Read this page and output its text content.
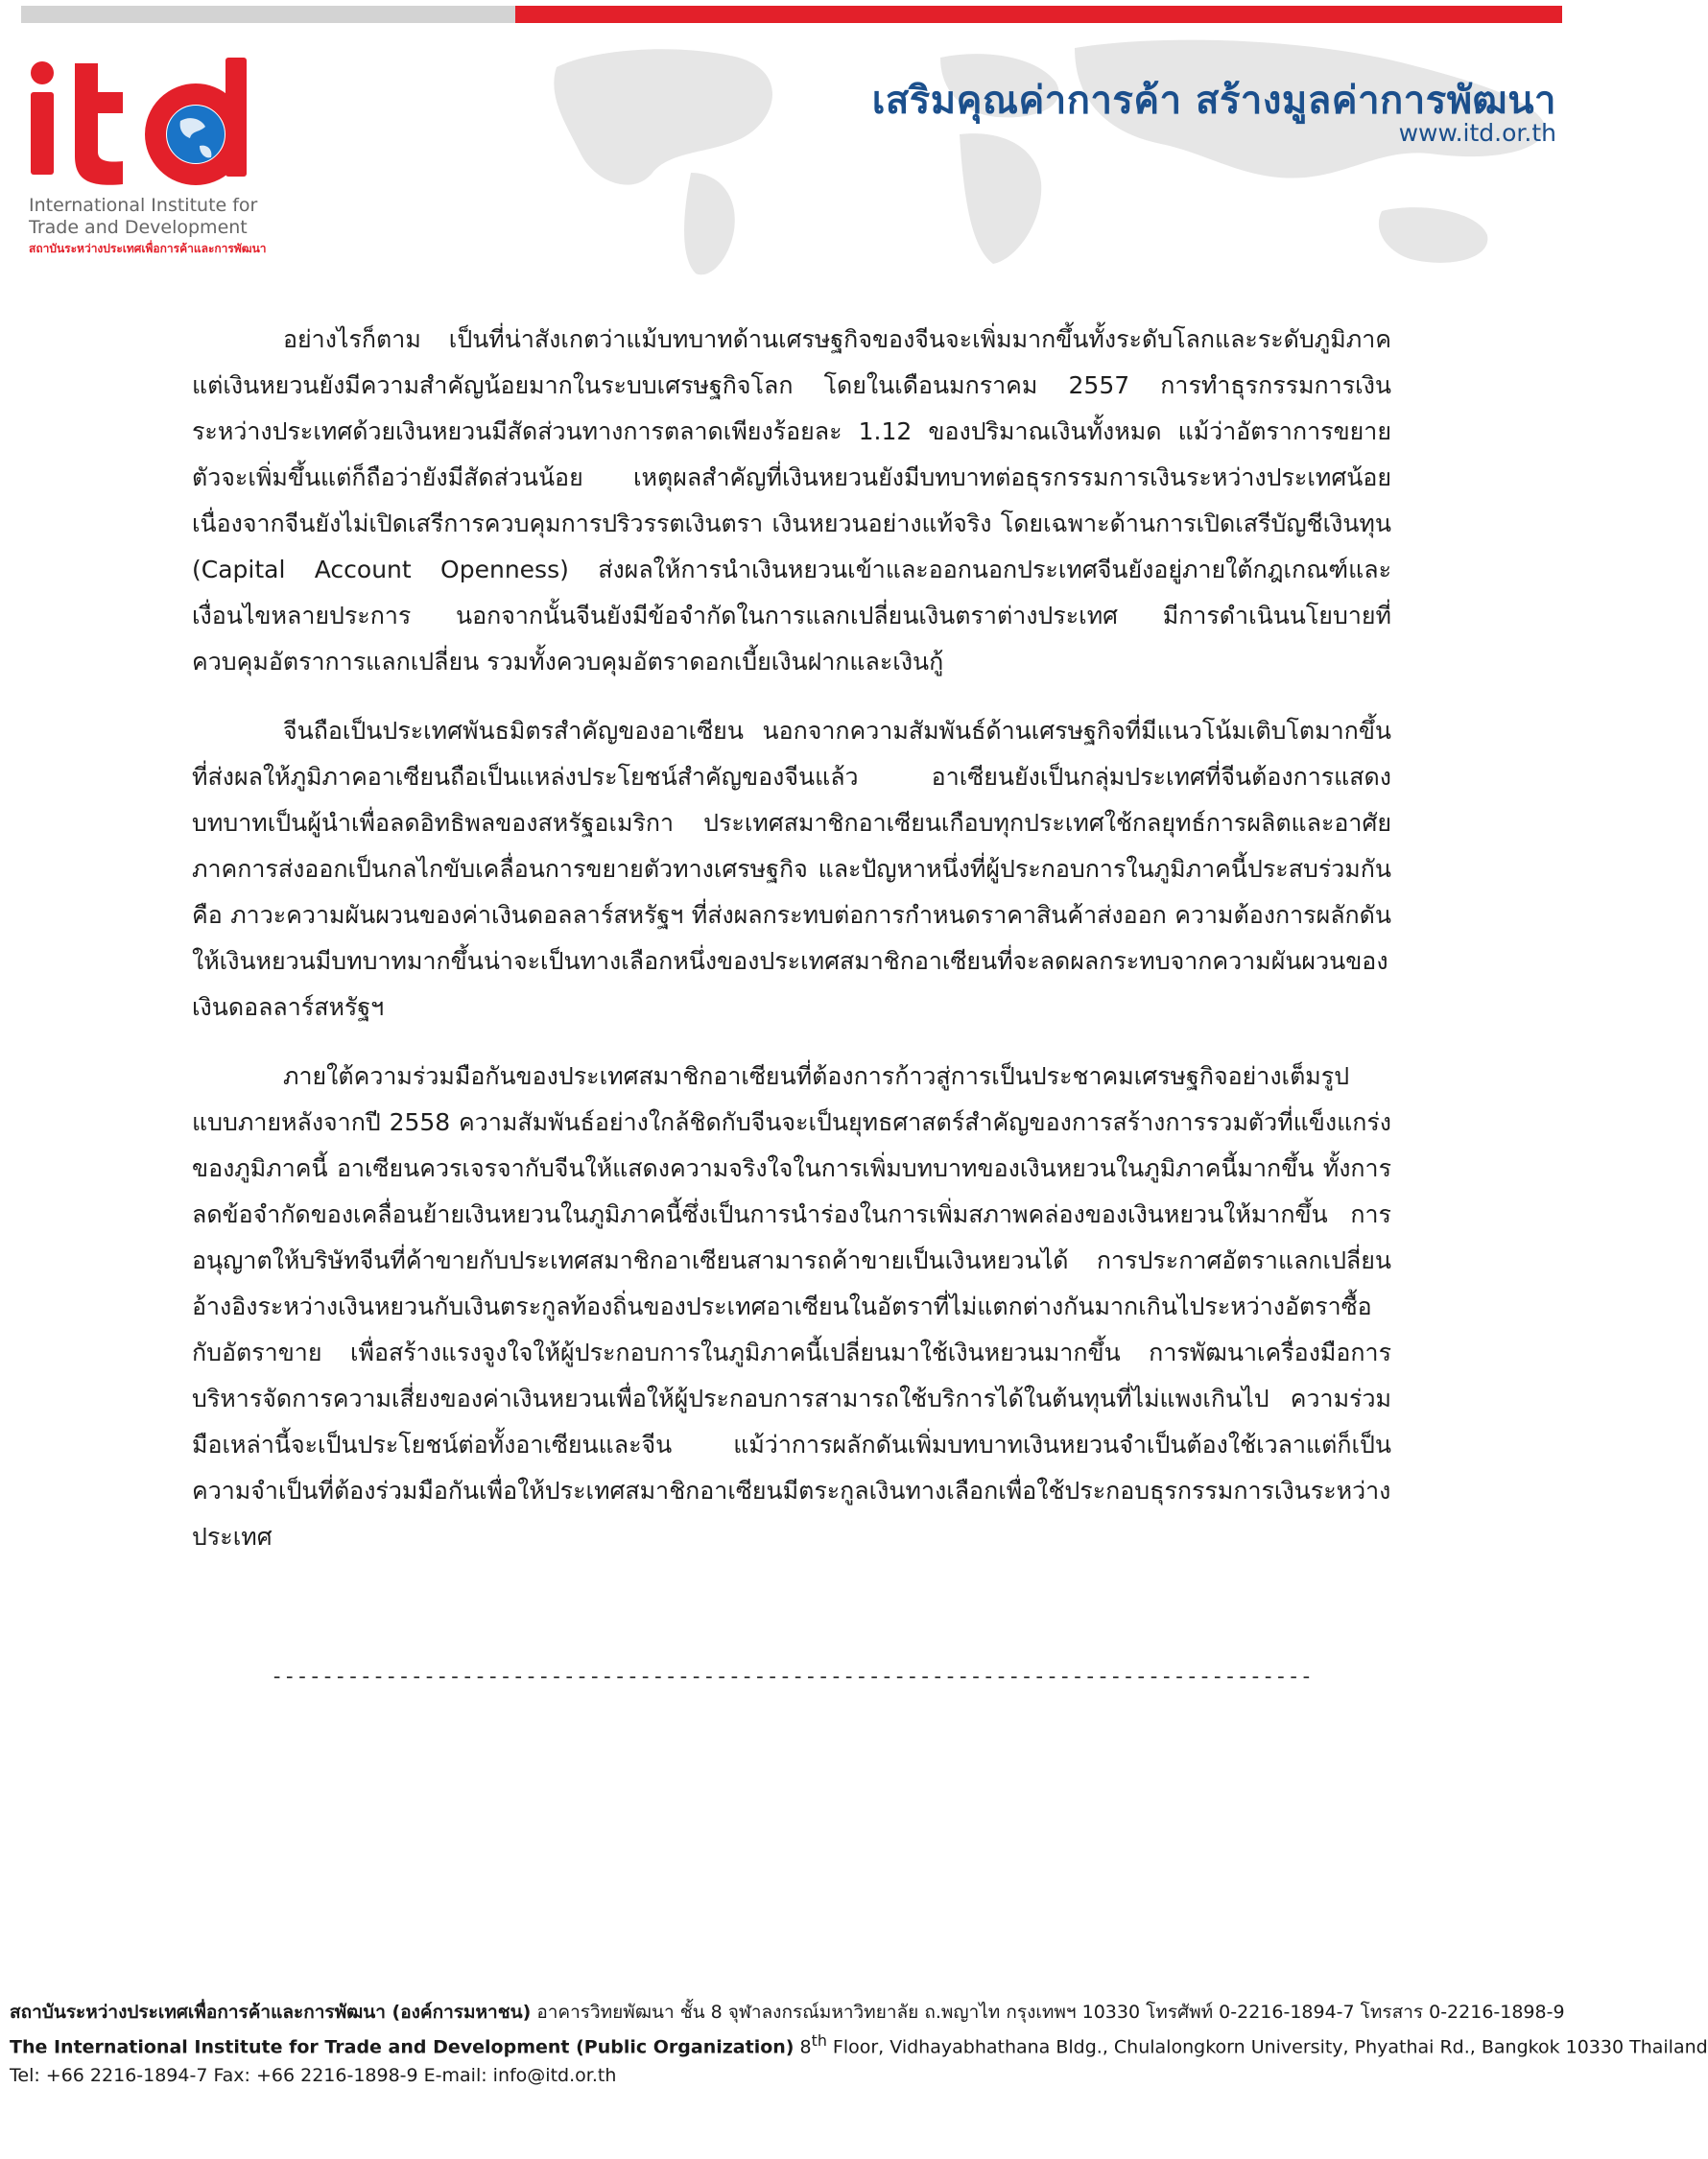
International Institute for
Trade and Development
สถาบันระหว่างประเทศเพื่อการค้าและการพัฒนา
เสริมคุณค่าการค้า สร้างมูลค่าการพัฒนา
www.itd.or.th

อย่างไรก็ตาม เป็นที่น่าสังเกตว่าแม้บทบาทด้านเศรษฐกิจของจีนจะเพิ่มมากขึ้นทั้งระดับโลกและระดับภูมิภาค แต่เงินหยวนยังมีความสำคัญน้อยมากในระบบเศรษฐกิจโลก โดยในเดือนมกราคม 2557 การทำธุรกรรมการเงินระหว่างประเทศด้วยเงินหยวนมีสัดส่วนทางการตลาดเพียงร้อยละ 1.12 ของปริมาณเงินทั้งหมด แม้ว่าอัตราการขยายตัวจะเพิ่มขึ้นแต่ก็ถือว่ายังมีสัดส่วนน้อย เหตุผลสำคัญที่เงินหยวนยังมีบทบาทต่อธุรกรรมการเงินระหว่างประเทศน้อยเนื่องจากจีนยังไม่เปิดเสรีการควบคุมการปริวรรตเงินตรา เงินหยวนอย่างแท้จริง โดยเฉพาะด้านการเปิดเสรีบัญชีเงินทุน (Capital Account Openness) ส่งผลให้การนำเงินหยวนเข้าและออกนอกประเทศจีนยังอยู่ภายใต้กฎเกณฑ์และเงื่อนไขหลายประการ นอกจากนั้นจีนยังมีข้อจำกัดในการแลกเปลี่ยนเงินตราต่างประเทศ มีการดำเนินนโยบายที่ควบคุมอัตราการแลกเปลี่ยน รวมทั้งควบคุมอัตราดอกเบี้ยเงินฝากและเงินกู้

จีนถือเป็นประเทศพันธมิตรสำคัญของอาเซียน นอกจากความสัมพันธ์ด้านเศรษฐกิจที่มีแนวโน้มเติบโตมากขึ้นที่ส่งผลให้ภูมิภาคอาเซียนถือเป็นแหล่งประโยชน์สำคัญของจีนแล้ว อาเซียนยังเป็นกลุ่มประเทศที่จีนต้องการแสดงบทบาทเป็นผู้นำเพื่อลดอิทธิพลของสหรัฐอเมริกา ประเทศสมาชิกอาเซียนเกือบทุกประเทศใช้กลยุทธ์การผลิตและอาศัยภาคการส่งออกเป็นกลไกขับเคลื่อนการขยายตัวทางเศรษฐกิจ และปัญหาหนึ่งที่ผู้ประกอบการในภูมิภาคนี้ประสบร่วมกันคือ ภาวะความผันผวนของค่าเงินดอลลาร์สหรัฐฯ ที่ส่งผลกระทบต่อการกำหนดราคาสินค้าส่งออก ความต้องการผลักดันให้เงินหยวนมีบทบาทมากขึ้นน่าจะเป็นทางเลือกหนึ่งของประเทศสมาชิกอาเซียนที่จะลดผลกระทบจากความผันผวนของเงินดอลลาร์สหรัฐฯ

ภายใต้ความร่วมมือกันของประเทศสมาชิกอาเซียนที่ต้องการก้าวสู่การเป็นประชาคมเศรษฐกิจอย่างเต็มรูปแบบภายหลังจากปี 2558 ความสัมพันธ์อย่างใกล้ชิดกับจีนจะเป็นยุทธศาสตร์สำคัญของการสร้างการรวมตัวที่แข็งแกร่งของภูมิภาคนี้ อาเซียนควรเจรจากับจีนให้แสดงความจริงใจในการเพิ่มบทบาทของเงินหยวนในภูมิภาคนี้มากขึ้น ทั้งการลดข้อจำกัดของเคลื่อนย้ายเงินหยวนในภูมิภาคนี้ซึ่งเป็นการนำร่องในการเพิ่มสภาพคล่องของเงินหยวนให้มากขึ้น การอนุญาตให้บริษัทจีนที่ค้าขายกับประเทศสมาชิกอาเซียนสามารถค้าขายเป็นเงินหยวนได้ การประกาศอัตราแลกเปลี่ยนอ้างอิงระหว่างเงินหยวนกับเงินตระกูลท้องถิ่นของประเทศอาเซียนในอัตราที่ไม่แตกต่างกันมากเกินไประหว่างอัตราซื้อกับอัตราขาย เพื่อสร้างแรงจูงใจให้ผู้ประกอบการในภูมิภาคนี้เปลี่ยนมาใช้เงินหยวนมากขึ้น การพัฒนาเครื่องมือการบริหารจัดการความเสี่ยงของค่าเงินหยวนเพื่อให้ผู้ประกอบการสามารถใช้บริการได้ในต้นทุนที่ไม่แพงเกินไป ความร่วมมือเหล่านี้จะเป็นประโยชน์ต่อทั้งอาเซียนและจีน แม้ว่าการผลักดันเพิ่มบทบาทเงินหยวนจำเป็นต้องใช้เวลาแต่ก็เป็นความจำเป็นที่ต้องร่วมมือกันเพื่อให้ประเทศสมาชิกอาเซียนมีตระกูลเงินทางเลือกเพื่อใช้ประกอบธุรกรรมการเงินระหว่างประเทศ

----------------------------------------------------------------------------------
สถาบันระหว่างประเทศเพื่อการค้าและการพัฒนา (องค์การมหาชน) อาคารวิทยพัฒนา ชั้น 8 จุฬาลงกรณ์มหาวิทยาลัย ถ.พญาไท กรุงเทพฯ 10330 โทรศัพท์ 0-2216-1894-7 โทรสาร 0-2216-1898-9
The International Institute for Trade and Development (Public Organization) 8th Floor, Vidhayabhathana Bldg., Chulalongkorn University, Phyathai Rd., Bangkok 10330 Thailand
Tel: +66 2216-1894-7 Fax: +66 2216-1898-9 E-mail: info@itd.or.th
